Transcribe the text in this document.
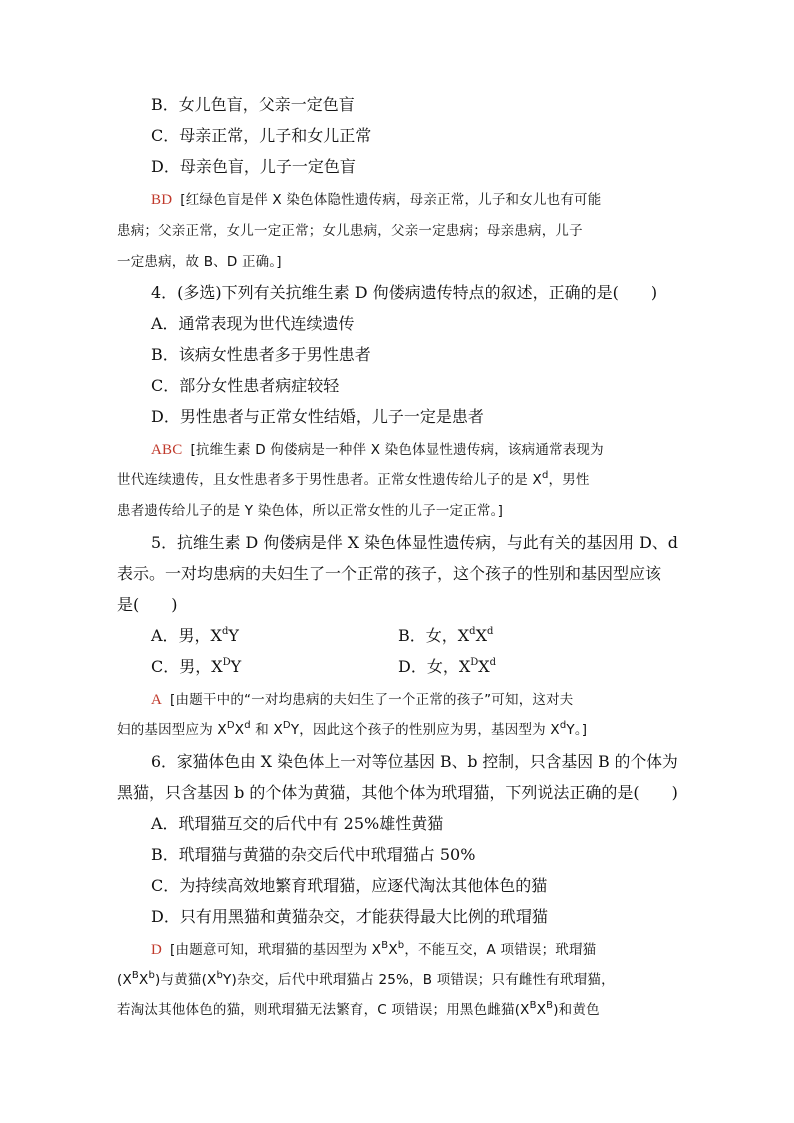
B．女儿色盲，父亲一定色盲
C．母亲正常，儿子和女儿正常
D．母亲色盲，儿子一定色盲
BD [红绿色盲是伴 X 染色体隐性遗传病，母亲正常，儿子和女儿也有可能
患病；父亲正常，女儿一定正常；女儿患病，父亲一定患病；母亲患病，儿子
一定患病，故 B、D 正确。]
4．(多选)下列有关抗维生素 D 佝偻病遗传特点的叙述，正确的是(　　)
A．通常表现为世代连续遗传
B．该病女性患者多于男性患者
C．部分女性患者病症较轻
D．男性患者与正常女性结婚，儿子一定是患者
ABC [抗维生素 D 佝偻病是一种伴 X 染色体显性遗传病，该病通常表现为
世代连续遗传，且女性患者多于男性患者。正常女性遗传给儿子的是 $X^d$，男性
患者遗传给儿子的是 Y 染色体，所以正常女性的儿子一定正常。]
5．抗维生素 D 佝偻病是伴 X 染色体显性遗传病，与此有关的基因用 D、d
表示。一对均患病的夫妇生了一个正常的孩子，这个孩子的性别和基因型应该
是(　　)
A．男，$X^dY$	B．女，$X^dX^d$
C．男，$X^DY$	D．女，$X^DX^d$
A [由题干中的“一对均患病的夫妇生了一个正常的孩子”可知，这对夫
妇的基因型应为 $X^DX^d$ 和 $X^DY$，因此这个孩子的性别应为男，基因型为 $X^dY$。]
6．家猫体色由 X 染色体上一对等位基因 B、b 控制，只含基因 B 的个体为
黑猫，只含基因 b 的个体为黄猫，其他个体为玳瑁猫，下列说法正确的是(　　)
A．玳瑁猫互交的后代中有 25%雄性黄猫
B．玳瑁猫与黄猫的杂交后代中玳瑁猫占 50%
C．为持续高效地繁育玳瑁猫，应逐代淘汰其他体色的猫
D．只有用黑猫和黄猫杂交，才能获得最大比例的玳瑁猫
D [由题意可知，玳瑁猫的基因型为 $X^BX^b$，不能互交，A 项错误；玳瑁猫
$(X^BX^b)$与黄猫$(X^bY)$杂交，后代中玳瑁猫占 25%，B 项错误；只有雌性有玳瑁猫，
若淘汰其他体色的猫，则玳瑁猫无法繁育，C 项错误；用黑色雌猫$(X^BX^B)$和黄色
